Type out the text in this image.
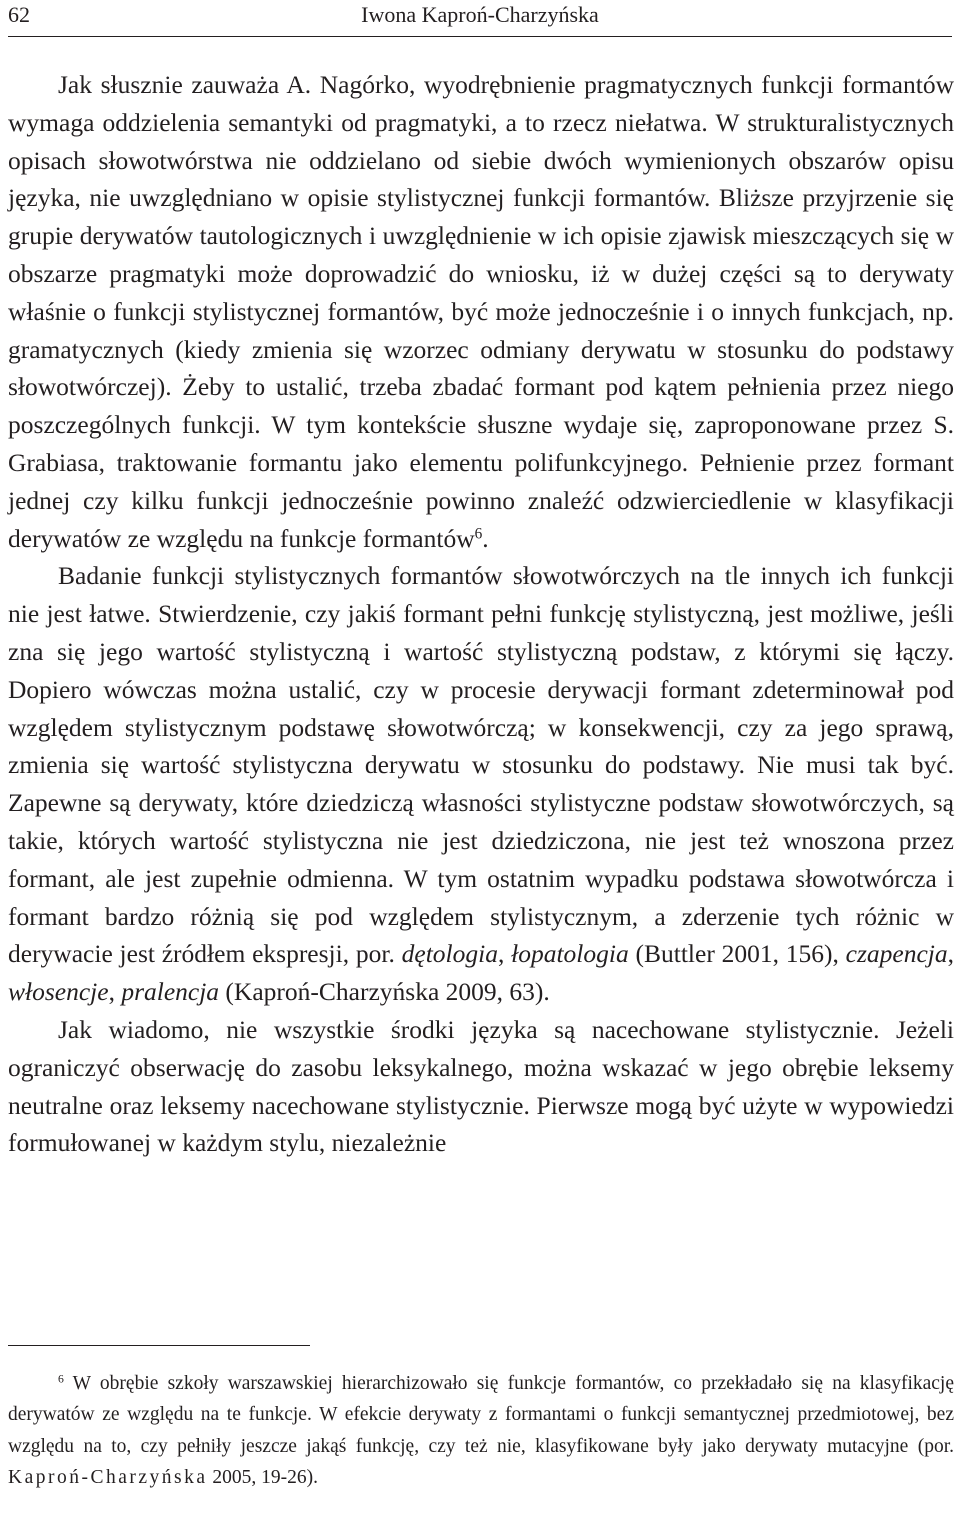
Iwona Kaproń-Charzyńska
62

Jak słusznie zauważa A. Nagórko, wyodrębnienie pragmatycznych funkcji formantów wymaga oddzielenia semantyki od pragmatyki, a to rzecz niełatwa. W strukturalistycznych opisach słowotwórstwa nie oddzielano od siebie dwóch wymienionych obszarów opisu języka, nie uwzględniano w opisie stylistycznej funkcji formantów. Bliższe przyjrzenie się grupie derywatów tautologicznych i uwzględnienie w ich opisie zjawisk mieszczących się w obszarze pragmatyki może doprowadzić do wniosku, iż w dużej części są to derywaty właśnie o funkcji stylistycznej formantów, być może jednocześnie i o innych funkcjach, np. gramatycznych (kiedy zmienia się wzorzec odmiany derywatu w stosunku do podstawy słowotwórczej). Żeby to ustalić, trzeba zbadać formant pod kątem pełnienia przez niego poszczególnych funkcji. W tym kontekście słuszne wydaje się, zaproponowane przez S. Grabiasa, traktowanie formantu jako elementu polifunkcyjnego. Pełnienie przez formant jednej czy kilku funkcji jednocześnie powinno znaleźć odzwierciedlenie w klasyfikacji derywatów ze względu na funkcje formantów$^6$.

Badanie funkcji stylistycznych formantów słowotwórczych na tle innych ich funkcji nie jest łatwe. Stwierdzenie, czy jakiś formant pełni funkcję stylistyczną, jest możliwe, jeśli zna się jego wartość stylistyczną i wartość stylistyczną podstaw, z którymi się łączy. Dopiero wówczas można ustalić, czy w procesie derywacji formant zdeterminował pod względem stylistycznym podstawę słowotwórczą; w konsekwencji, czy za jego sprawą, zmienia się wartość stylistyczna derywatu w stosunku do podstawy. Nie musi tak być. Zapewne są derywaty, które dziedziczą własności stylistyczne podstaw słowotwórczych, są takie, których wartość stylistyczna nie jest dziedziczona, nie jest też wnoszona przez formant, ale jest zupełnie odmienna. W tym ostatnim wypadku podstawa słowotwórcza i formant bardzo różnią się pod względem stylistycznym, a zderzenie tych różnic w derywacie jest źródłem ekspresji, por. dętologia, łopatologia (Buttler 2001, 156), czapencja, włosencje, pralencja (Kaproń-Charzyńska 2009, 63).

Jak wiadomo, nie wszystkie środki języka są nacechowane stylistycznie. Jeżeli ograniczyć obserwację do zasobu leksykalnego, można wskazać w jego obrębie leksemy neutralne oraz leksemy nacechowane stylistycznie. Pierwsze mogą być użyte w wypowiedzi formułowanej w każdym stylu, niezależnie

$^6$ W obrębie szkoły warszawskiej hierarchizowało się funkcje formantów, co przekładało się na klasyfikację derywatów ze względu na te funkcje. W efekcie derywaty z formantami o funkcji semantycznej przedmiotowej, bez względu na to, czy pełniły jeszcze jakąś funkcję, czy też nie, klasyfikowane były jako derywaty mutacyjne (por. Kaproń-Charzyńska 2005, 19-26).
